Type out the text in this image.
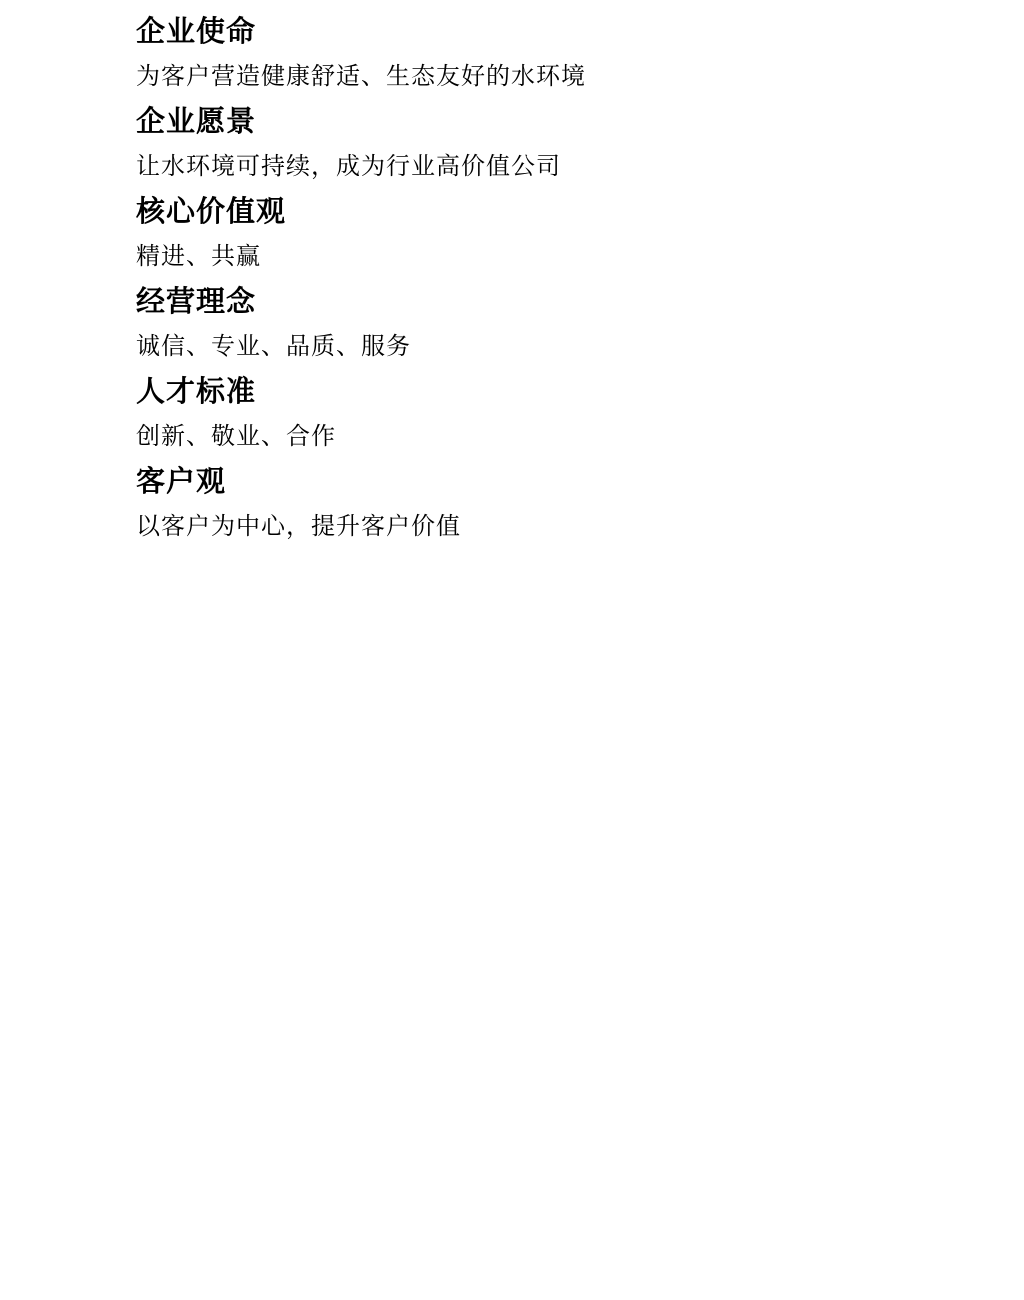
企业使命

为客户营造健康舒适、生态友好的水环境

企业愿景

让水环境可持续，成为行业高价值公司

核心价值观

精进、共赢

经营理念

诚信、专业、品质、服务

人才标准

创新、敬业、合作

客户观

以客户为中心，提升客户价值
